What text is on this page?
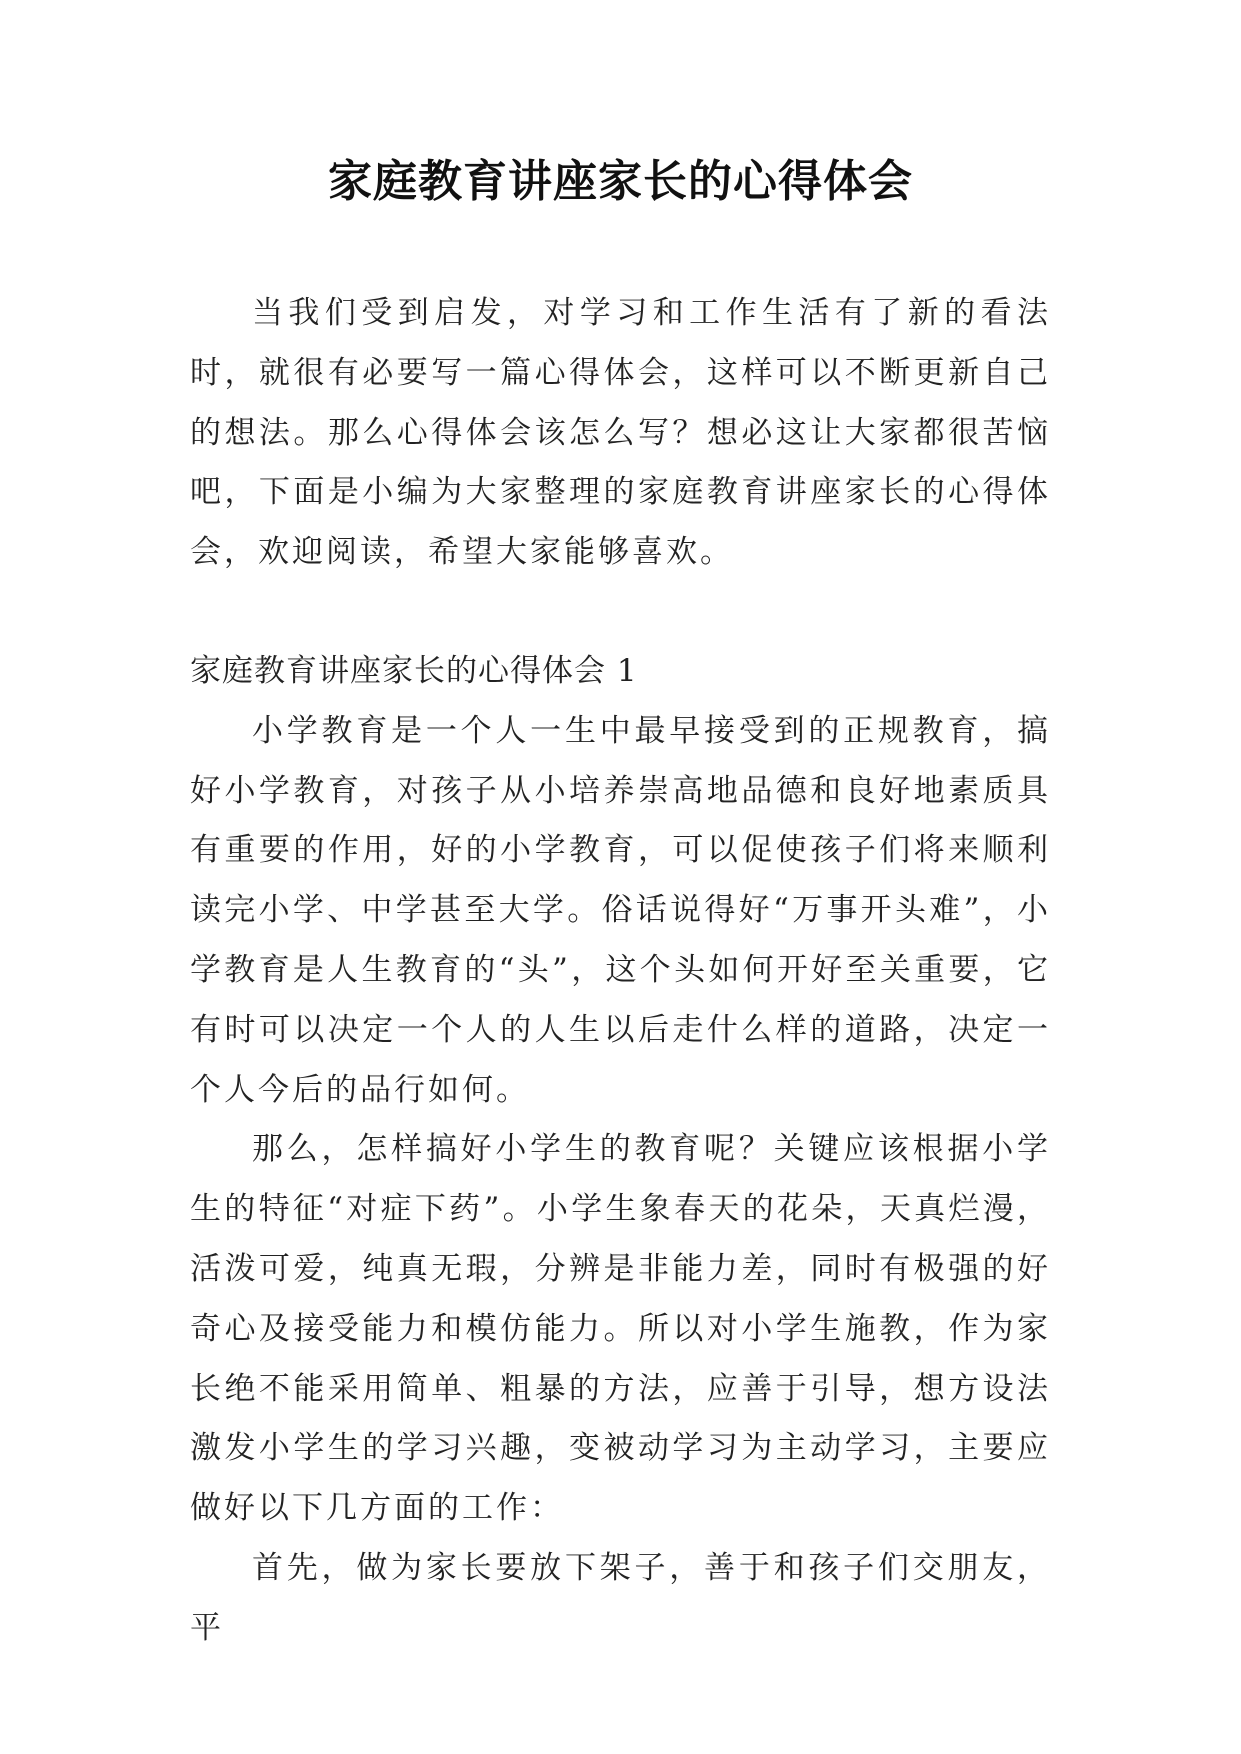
家庭教育讲座家长的心得体会

当我们受到启发，对学习和工作生活有了新的看法时，就很有必要写一篇心得体会，这样可以不断更新自己的想法。那么心得体会该怎么写？想必这让大家都很苦恼吧，下面是小编为大家整理的家庭教育讲座家长的心得体会，欢迎阅读，希望大家能够喜欢。

家庭教育讲座家长的心得体会 1

小学教育是一个人一生中最早接受到的正规教育，搞好小学教育，对孩子从小培养崇高地品德和良好地素质具有重要的作用，好的小学教育，可以促使孩子们将来顺利读完小学、中学甚至大学。俗话说得好“万事开头难”，小学教育是人生教育的“头”，这个头如何开好至关重要，它有时可以决定一个人的人生以后走什么样的道路，决定一个人今后的品行如何。

那么，怎样搞好小学生的教育呢？关键应该根据小学生的特征“对症下药”。小学生象春天的花朵，天真烂漫，活泼可爱，纯真无瑕，分辨是非能力差，同时有极强的好奇心及接受能力和模仿能力。所以对小学生施教，作为家长绝不能采用简单、粗暴的方法，应善于引导，想方设法激发小学生的学习兴趣，变被动学习为主动学习，主要应做好以下几方面的工作：

首先，做为家长要放下架子，善于和孩子们交朋友，平
